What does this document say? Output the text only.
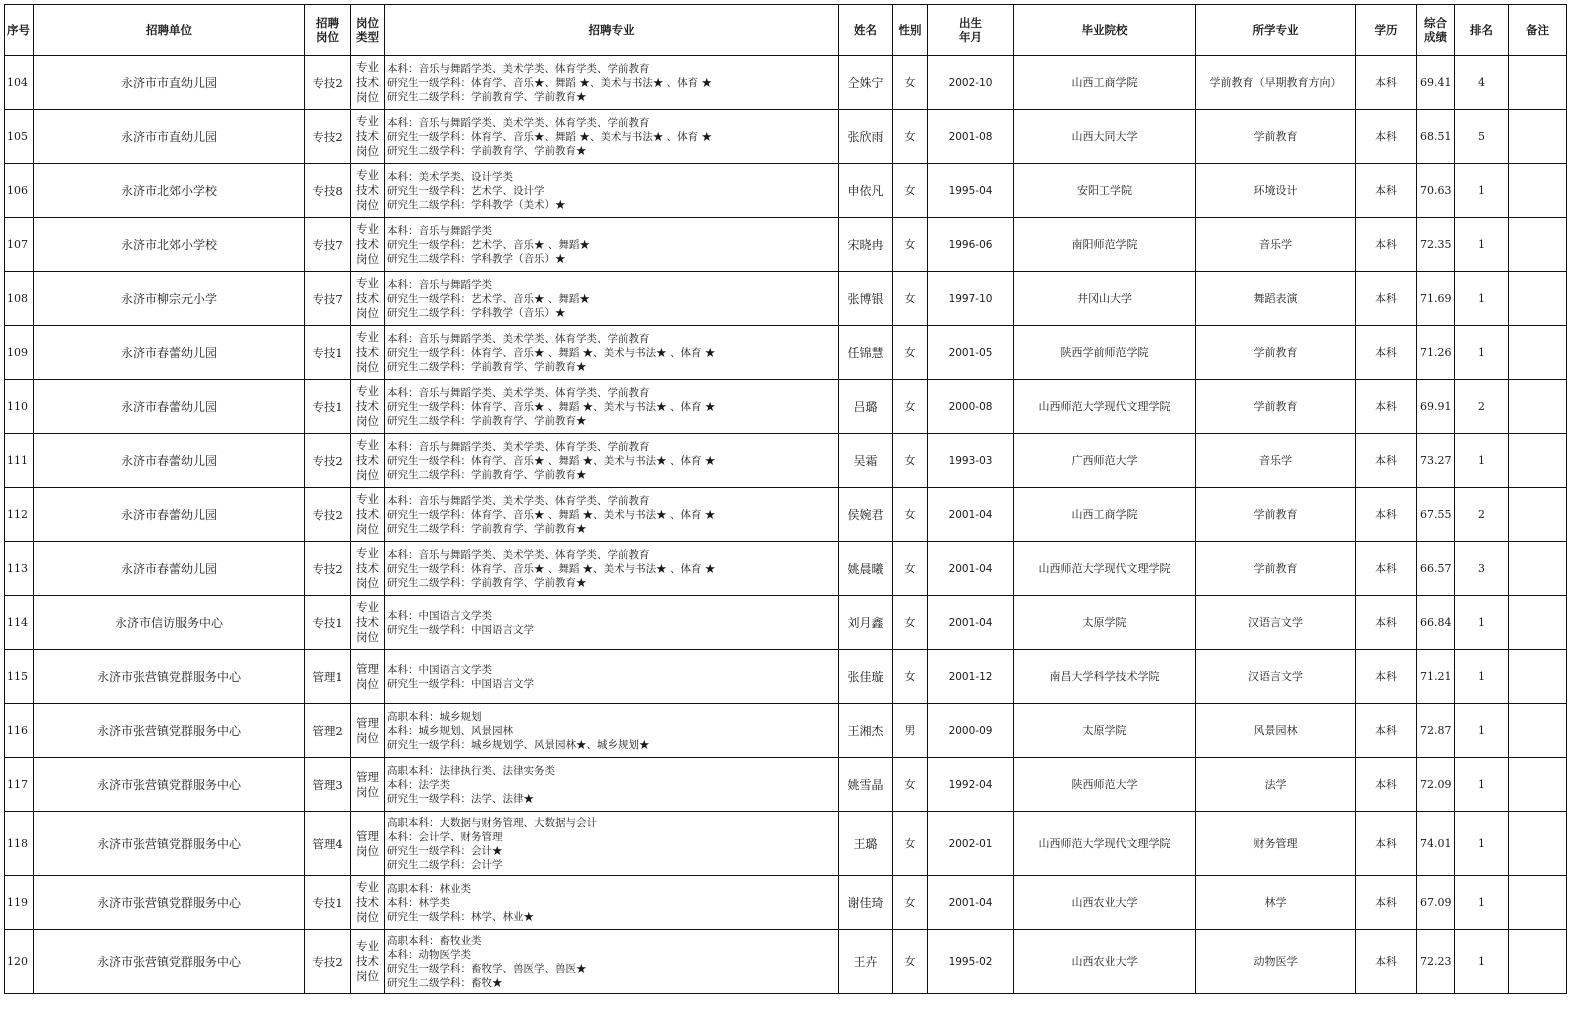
序号	招聘单位	招聘
岗位	岗位
类型	招聘专业	姓名	性别	出生
年月	毕业院校	所学专业	学历	综合
成绩	排名	备注
104	永济市市直幼儿园	专技2	专业
技术
岗位	本科：音乐与舞蹈学类、美术学类、体育学类、学前教育
研究生一级学科：体育学、音乐★、舞蹈 ★、美术与书法★ 、体育 ★
研究生二级学科：学前教育学、学前教育★	仝姝宁	女	2002-10	山西工商学院	学前教育（早期教育方向）	本科	69.41	4	
105	永济市市直幼儿园	专技2	专业
技术
岗位	本科：音乐与舞蹈学类、美术学类、体育学类、学前教育
研究生一级学科：体育学、音乐★、舞蹈 ★、美术与书法★ 、体育 ★
研究生二级学科：学前教育学、学前教育★	张欣雨	女	2001-08	山西大同大学	学前教育	本科	68.51	5	
106	永济市北郊小学校	专技8	专业
技术
岗位	本科：美术学类、设计学类
研究生一级学科：艺术学、设计学
研究生二级学科：学科教学（美术）★	申依凡	女	1995-04	安阳工学院	环境设计	本科	70.63	1	
107	永济市北郊小学校	专技7	专业
技术
岗位	本科：音乐与舞蹈学类
研究生一级学科：艺术学、音乐★ 、舞蹈★
研究生二级学科：学科教学（音乐）★	宋晓冉	女	1996-06	南阳师范学院	音乐学	本科	72.35	1	
108	永济市柳宗元小学	专技7	专业
技术
岗位	本科：音乐与舞蹈学类
研究生一级学科：艺术学、音乐★ 、舞蹈★
研究生二级学科：学科教学（音乐）★	张博银	女	1997-10	井冈山大学	舞蹈表演	本科	71.69	1	
109	永济市春蕾幼儿园	专技1	专业
技术
岗位	本科：音乐与舞蹈学类、美术学类、体育学类、学前教育
研究生一级学科：体育学、音乐★ 、舞蹈 ★、美术与书法★ 、体育 ★
研究生二级学科：学前教育学、学前教育★	任锦慧	女	2001-05	陕西学前师范学院	学前教育	本科	71.26	1	
110	永济市春蕾幼儿园	专技1	专业
技术
岗位	本科：音乐与舞蹈学类、美术学类、体育学类、学前教育
研究生一级学科：体育学、音乐★ 、舞蹈 ★、美术与书法★ 、体育 ★
研究生二级学科：学前教育学、学前教育★	吕璐	女	2000-08	山西师范大学现代文理学院	学前教育	本科	69.91	2	
111	永济市春蕾幼儿园	专技2	专业
技术
岗位	本科：音乐与舞蹈学类、美术学类、体育学类、学前教育
研究生一级学科：体育学、音乐★ 、舞蹈 ★、美术与书法★ 、体育 ★
研究生二级学科：学前教育学、学前教育★	吴霜	女	1993-03	广西师范大学	音乐学	本科	73.27	1	
112	永济市春蕾幼儿园	专技2	专业
技术
岗位	本科：音乐与舞蹈学类、美术学类、体育学类、学前教育
研究生一级学科：体育学、音乐★ 、舞蹈 ★、美术与书法★ 、体育 ★
研究生二级学科：学前教育学、学前教育★	侯婉君	女	2001-04	山西工商学院	学前教育	本科	67.55	2	
113	永济市春蕾幼儿园	专技2	专业
技术
岗位	本科：音乐与舞蹈学类、美术学类、体育学类、学前教育
研究生一级学科：体育学、音乐★ 、舞蹈 ★、美术与书法★ 、体育 ★
研究生二级学科：学前教育学、学前教育★	姚晨曦	女	2001-04	山西师范大学现代文理学院	学前教育	本科	66.57	3	
114	永济市信访服务中心	专技1	专业
技术
岗位	本科：中国语言文学类
研究生一级学科：中国语言文学	刘月鑫	女	2001-04	太原学院	汉语言文学	本科	66.84	1	
115	永济市张营镇党群服务中心	管理1	管理
岗位	本科：中国语言文学类
研究生一级学科：中国语言文学	张佳璇	女	2001-12	南昌大学科学技术学院	汉语言文学	本科	71.21	1	
116	永济市张营镇党群服务中心	管理2	管理
岗位	高职本科：城乡规划
本科：城乡规划、风景园林
研究生一级学科：城乡规划学、风景园林★、城乡规划★	王湘杰	男	2000-09	太原学院	风景园林	本科	72.87	1	
117	永济市张营镇党群服务中心	管理3	管理
岗位	高职本科：法律执行类、法律实务类
本科：法学类
研究生一级学科：法学、法律★	姚雪晶	女	1992-04	陕西师范大学	法学	本科	72.09	1	
118	永济市张营镇党群服务中心	管理4	管理
岗位	高职本科：大数据与财务管理、大数据与会计
本科：会计学、财务管理
研究生一级学科：会计★
研究生二级学科：会计学	王璐	女	2002-01	山西师范大学现代文理学院	财务管理	本科	74.01	1	
119	永济市张营镇党群服务中心	专技1	专业
技术
岗位	高职本科：林业类
本科：林学类
研究生一级学科：林学、林业★	谢佳琦	女	2001-04	山西农业大学	林学	本科	67.09	1	
120	永济市张营镇党群服务中心	专技2	专业
技术
岗位	高职本科：畜牧业类
本科：动物医学类
研究生一级学科：畜牧学、兽医学、兽医★
研究生二级学科：畜牧★	王卉	女	1995-02	山西农业大学	动物医学	本科	72.23	1	
